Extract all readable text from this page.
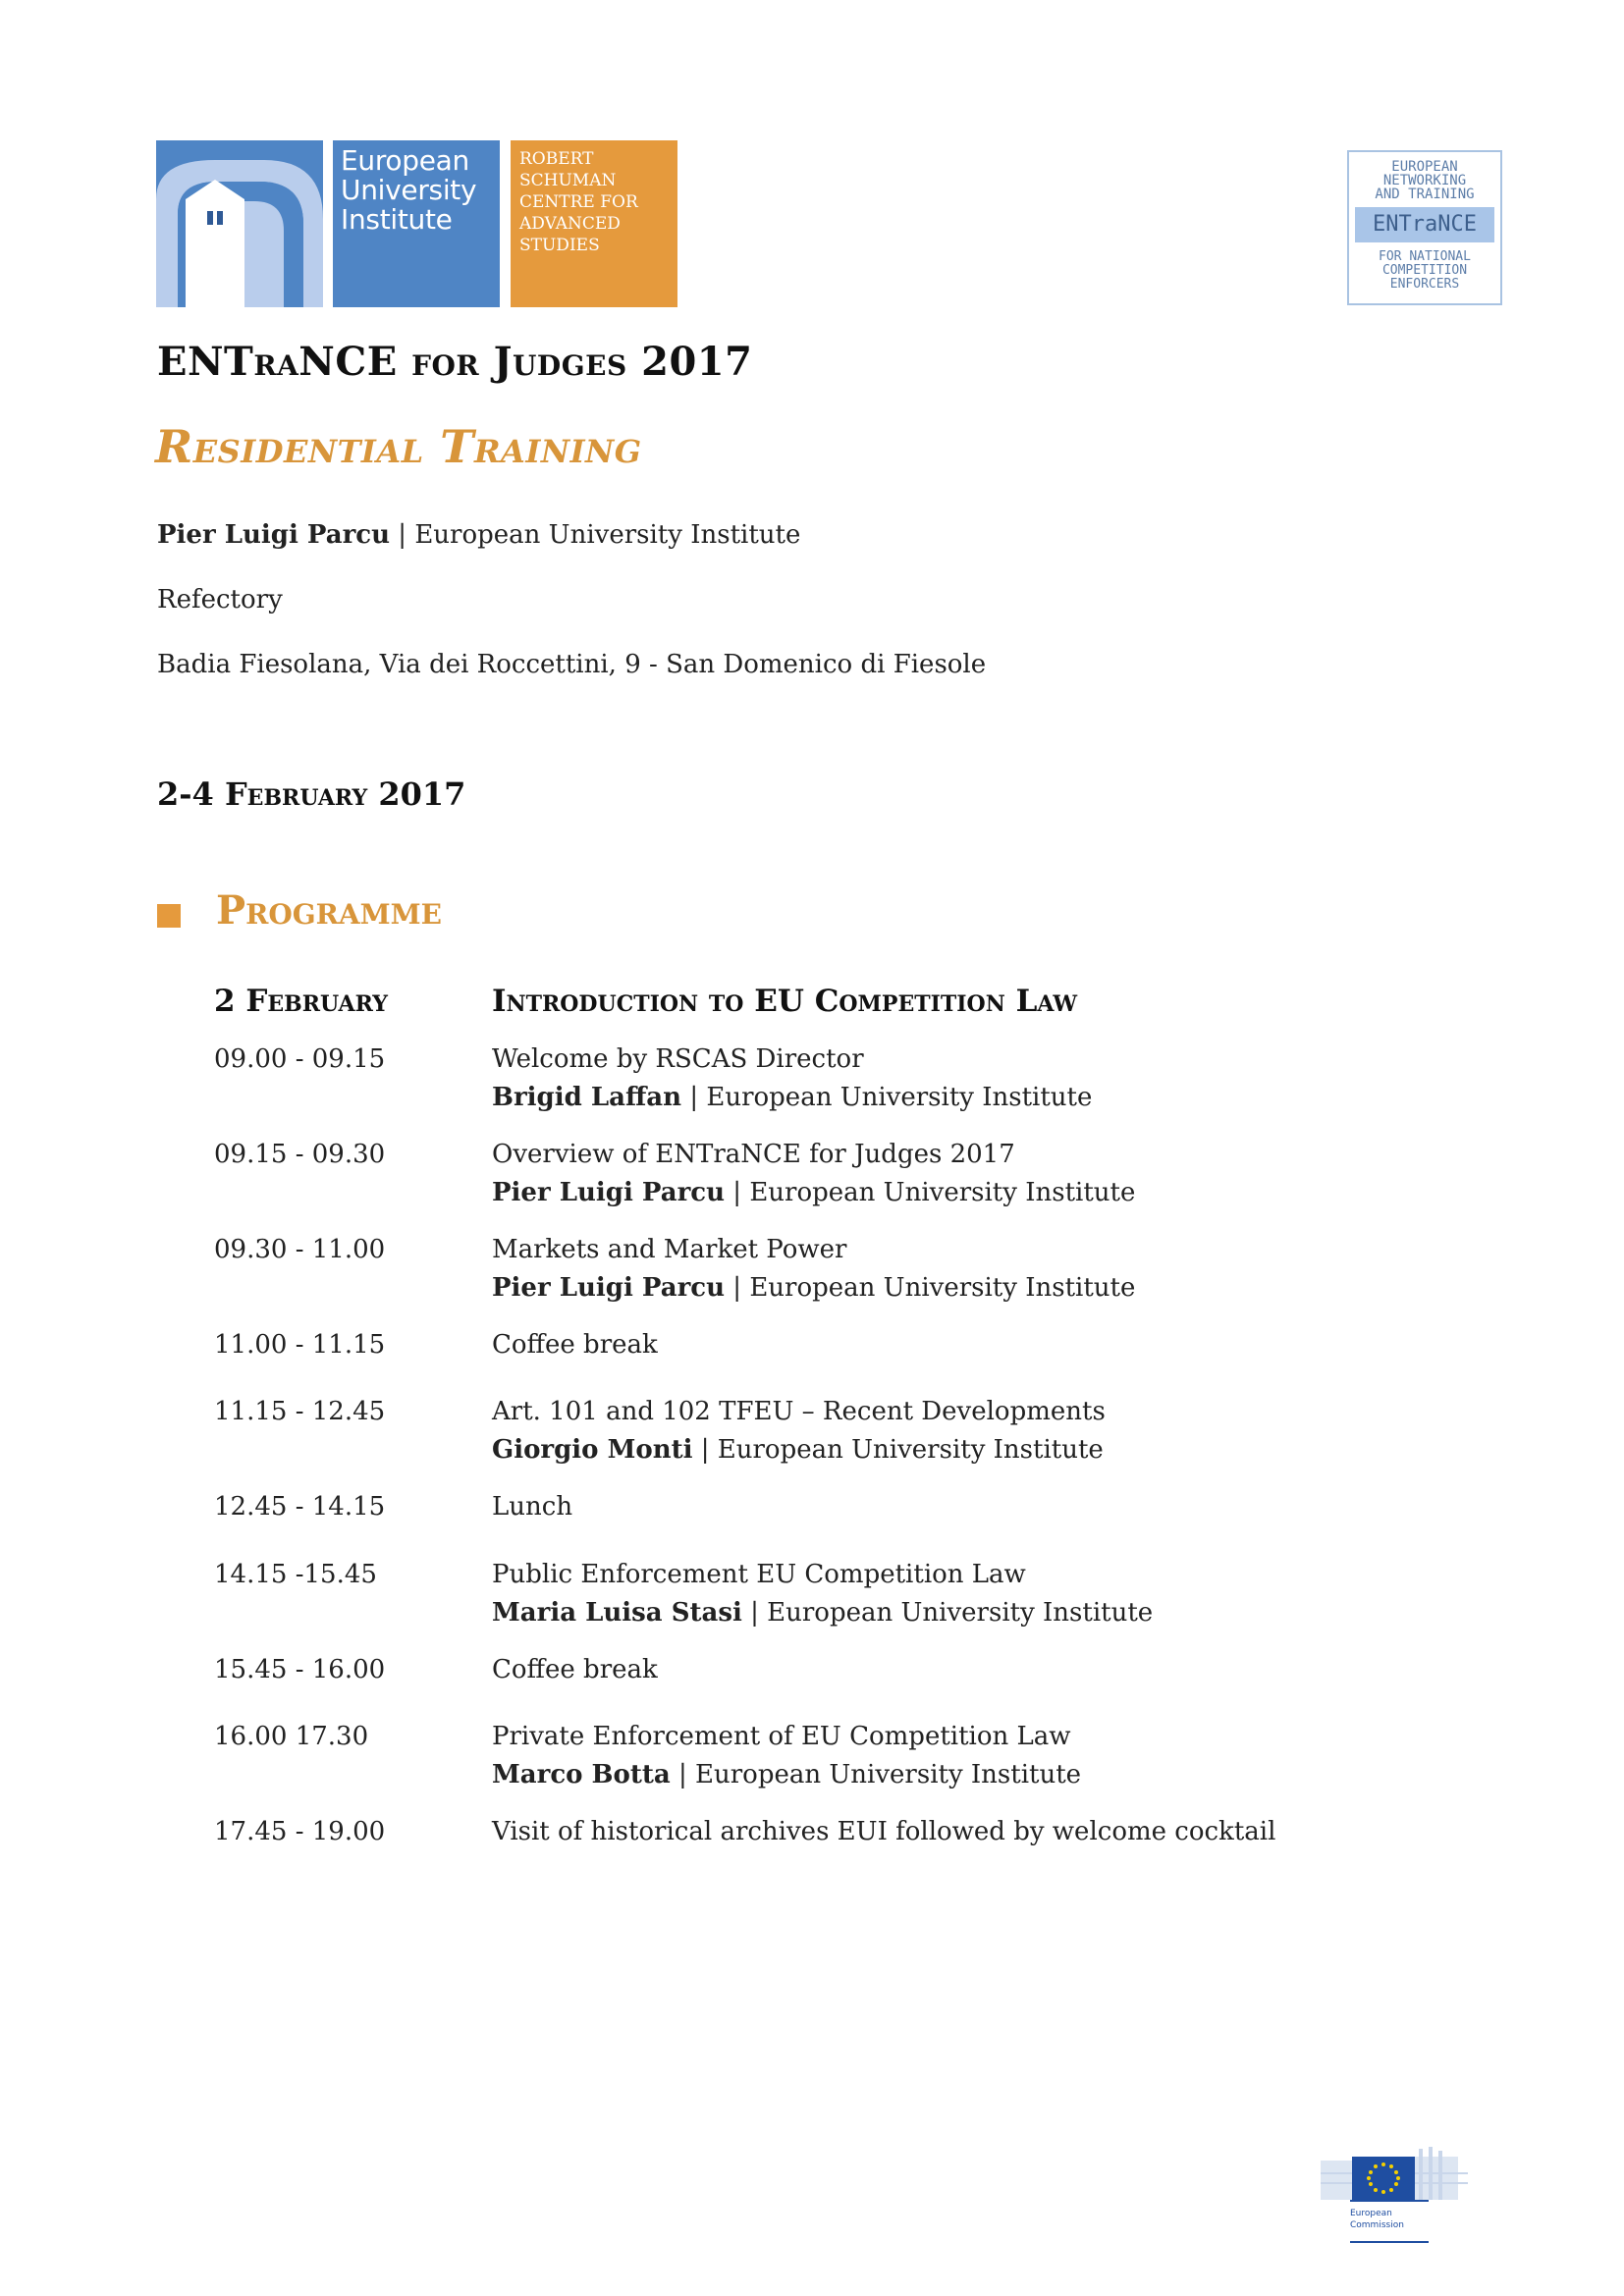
European
University
Institute
ROBERT
SCHUMAN
CENTRE FOR
ADVANCED
STUDIES
EUROPEAN
NETWORKING
AND TRAINING
ENTraNCE
FOR NATIONAL
COMPETITION
ENFORCERS
ENTraNCE for Judges 2017
Residential Training
Pier Luigi Parcu | European University Institute
Refectory
Badia Fiesolana, Via dei Roccettini, 9 - San Domenico di Fiesole
2-4 February 2017
Programme
2 February	Introduction to EU Competition Law
09.00 - 09.15	Welcome by RSCAS Director
Brigid Laffan | European University Institute
09.15 - 09.30	Overview of ENTraNCE for Judges 2017
Pier Luigi Parcu | European University Institute
09.30 - 11.00	Markets and Market Power
Pier Luigi Parcu | European University Institute
11.00 - 11.15	Coffee break
11.15 - 12.45	Art. 101 and 102 TFEU – Recent Developments
Giorgio Monti | European University Institute
12.45 - 14.15	Lunch
14.15 -15.45	Public Enforcement EU Competition Law
Maria Luisa Stasi | European University Institute
15.45 - 16.00	Coffee break
16.00 17.30	Private Enforcement of EU Competition Law
Marco Botta | European University Institute
17.45 - 19.00	Visit of historical archives EUI followed by welcome cocktail
European
Commission
